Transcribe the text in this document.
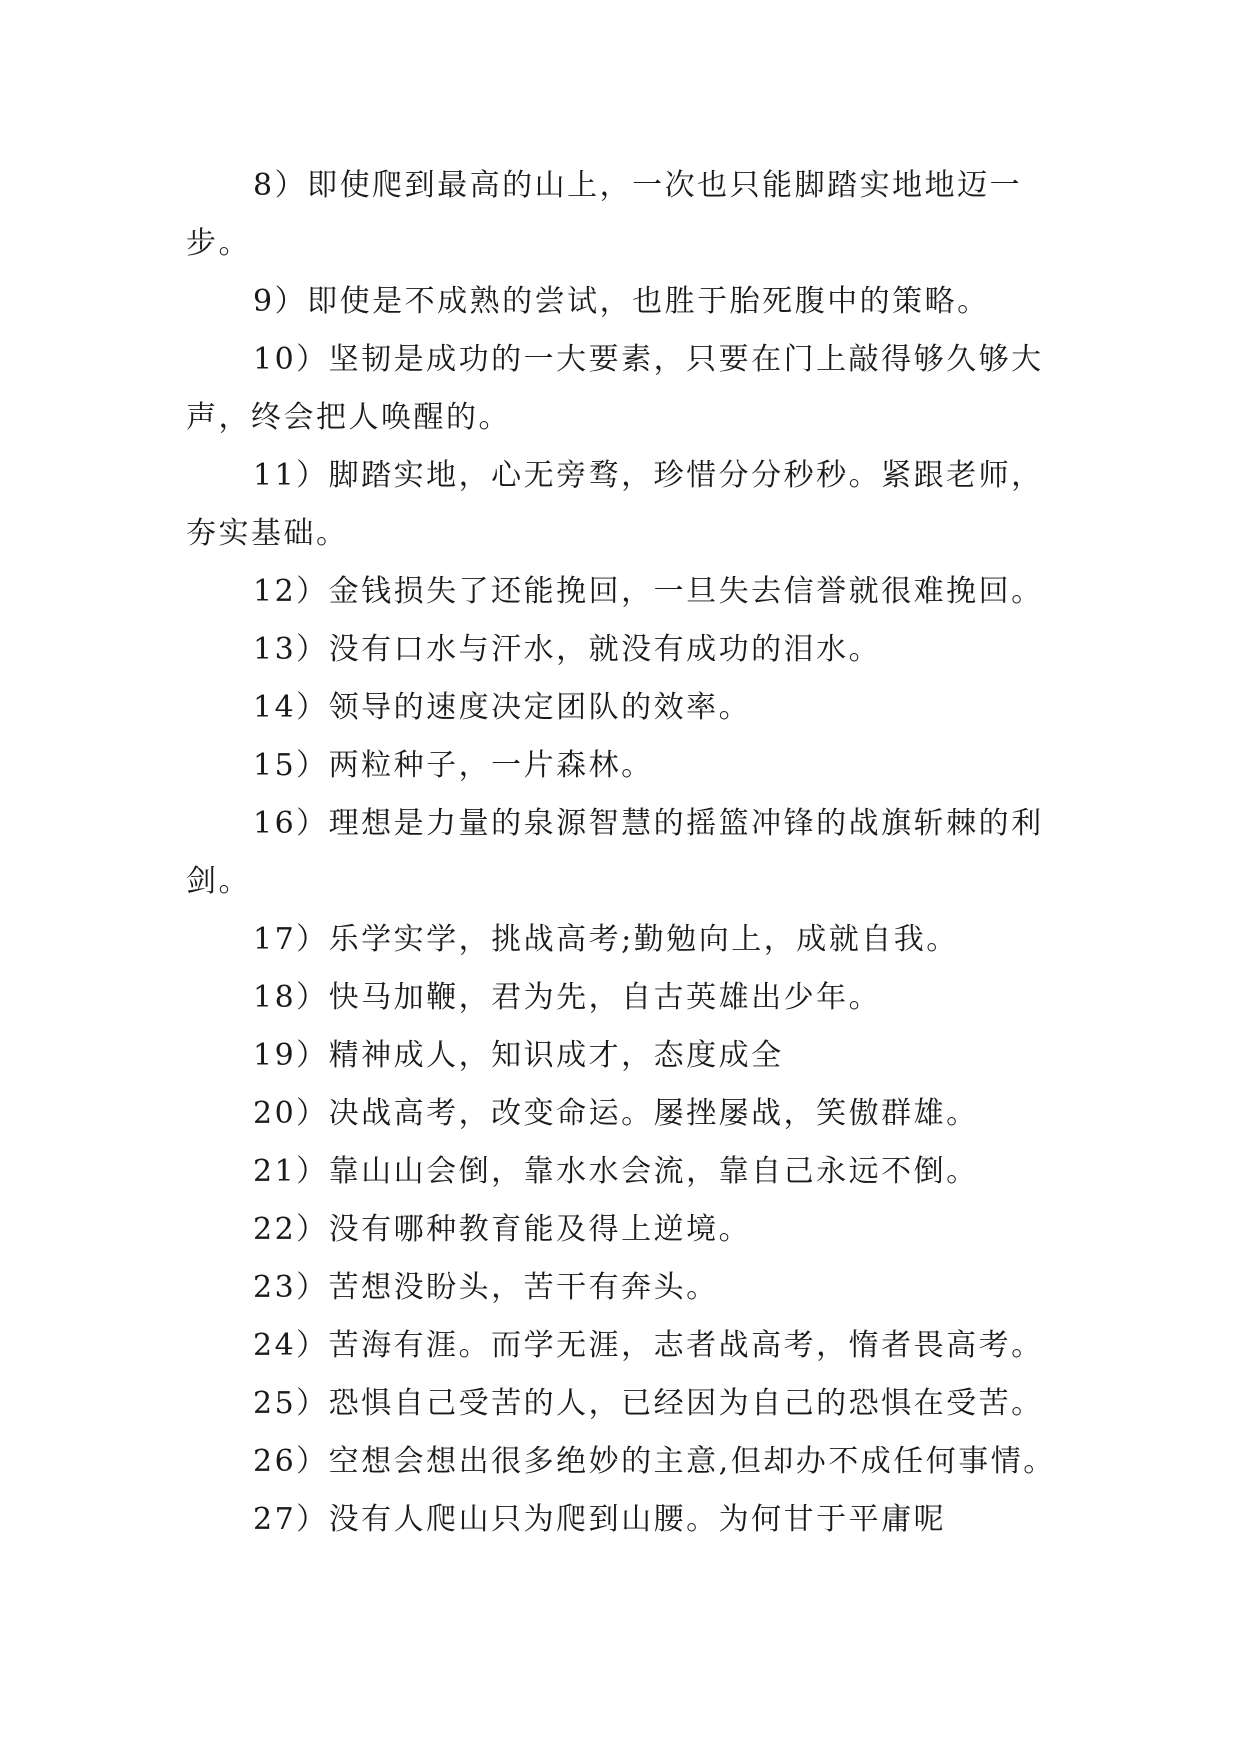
8）即使爬到最高的山上，一次也只能脚踏实地地迈一步。

9）即使是不成熟的尝试，也胜于胎死腹中的策略。

10）坚韧是成功的一大要素，只要在门上敲得够久够大声，终会把人唤醒的。

11）脚踏实地，心无旁骛，珍惜分分秒秒。紧跟老师，夯实基础。

12）金钱损失了还能挽回，一旦失去信誉就很难挽回。

13）没有口水与汗水，就没有成功的泪水。

14）领导的速度决定团队的效率。

15）两粒种子，一片森林。

16）理想是力量的泉源智慧的摇篮冲锋的战旗斩棘的利剑。

17）乐学实学，挑战高考;勤勉向上，成就自我。

18）快马加鞭，君为先，自古英雄出少年。

19）精神成人，知识成才，态度成全

20）决战高考，改变命运。屡挫屡战，笑傲群雄。

21）靠山山会倒，靠水水会流，靠自己永远不倒。

22）没有哪种教育能及得上逆境。

23）苦想没盼头，苦干有奔头。

24）苦海有涯。而学无涯，志者战高考，惰者畏高考。

25）恐惧自己受苦的人，已经因为自己的恐惧在受苦。

26）空想会想出很多绝妙的主意,但却办不成任何事情。

27）没有人爬山只为爬到山腰。为何甘于平庸呢
